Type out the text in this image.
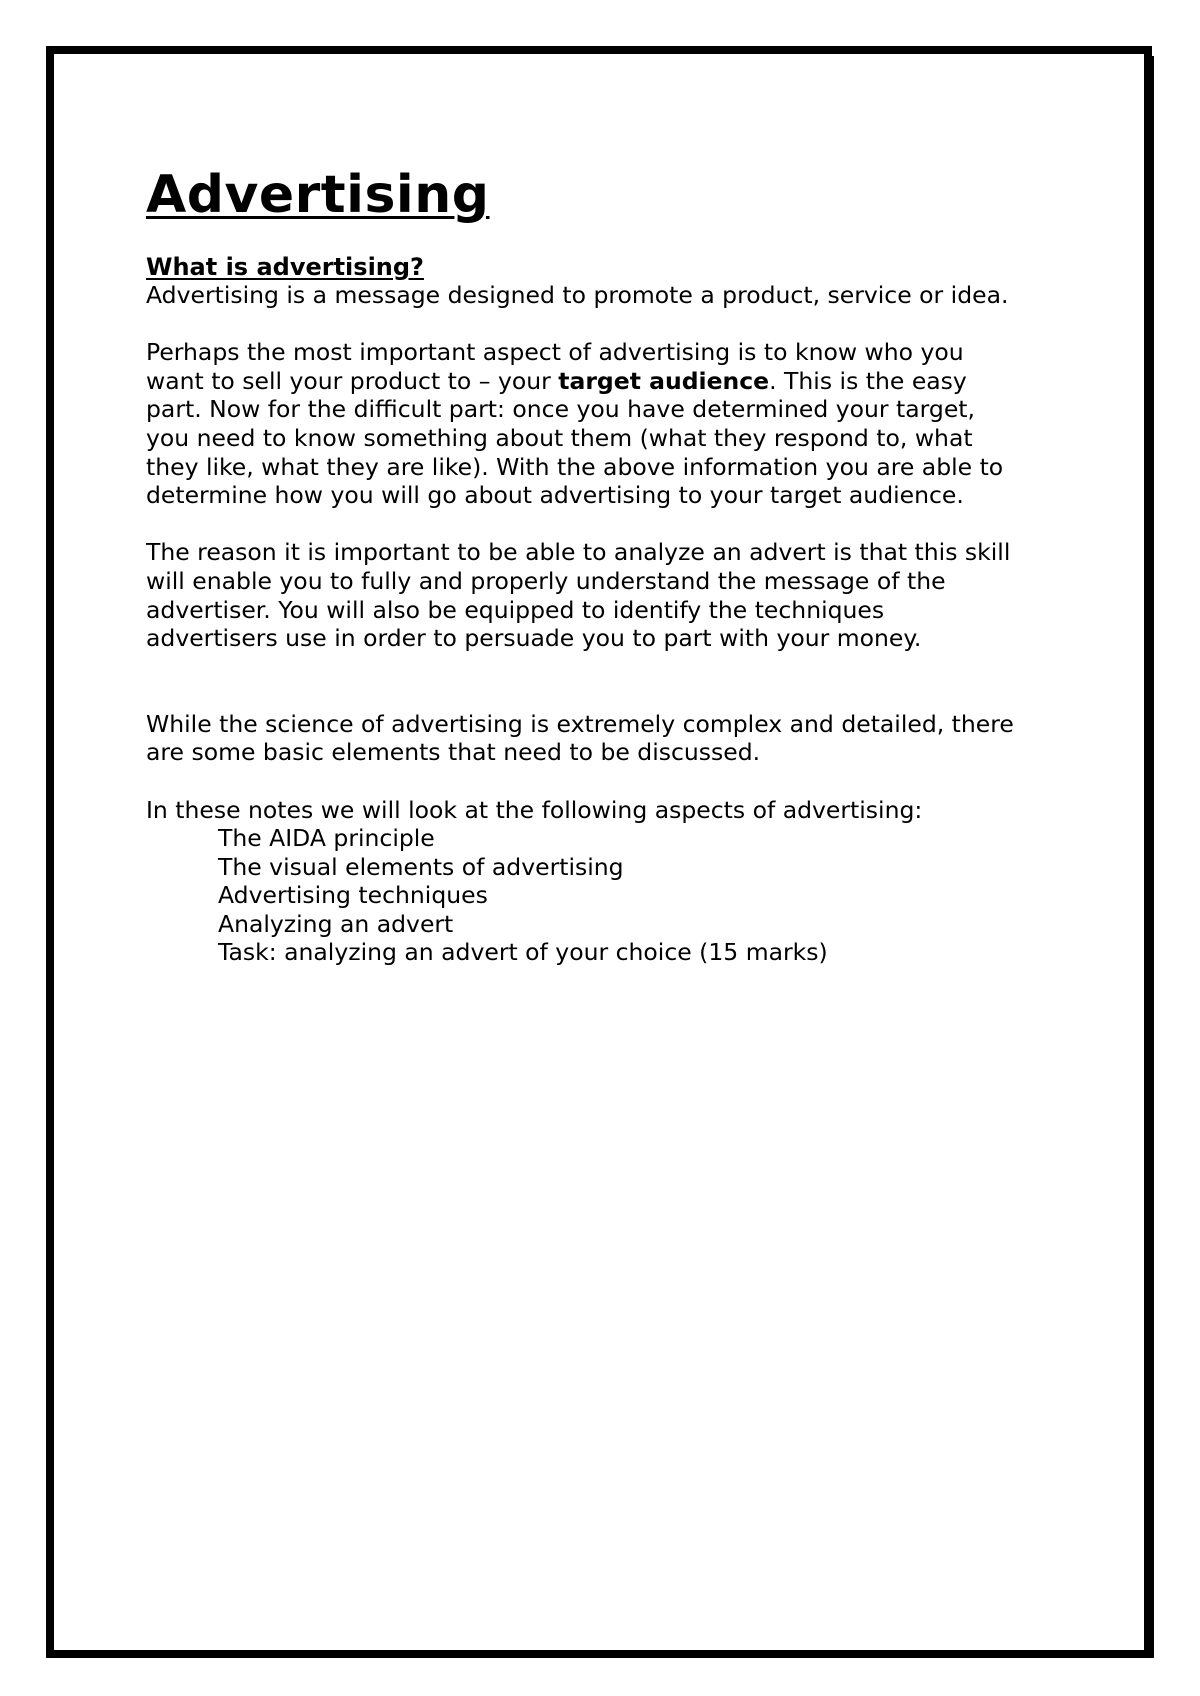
Advertising
What is advertising?

Advertising is a message designed to promote a product, service or idea.

Perhaps the most important aspect of advertising is to know who you
want to sell your product to – your target audience. This is the easy
part. Now for the difficult part: once you have determined your target,
you need to know something about them (what they respond to, what
they like, what they are like). With the above information you are able to
determine how you will go about advertising to your target audience.

The reason it is important to be able to analyze an advert is that this skill
will enable you to fully and properly understand the message of the
advertiser. You will also be equipped to identify the techniques
advertisers use in order to persuade you to part with your money.

While the science of advertising is extremely complex and detailed, there
are some basic elements that need to be discussed.

In these notes we will look at the following aspects of advertising:

The AIDA principle
The visual elements of advertising
Advertising techniques
Analyzing an advert
Task: analyzing an advert of your choice (15 marks)
